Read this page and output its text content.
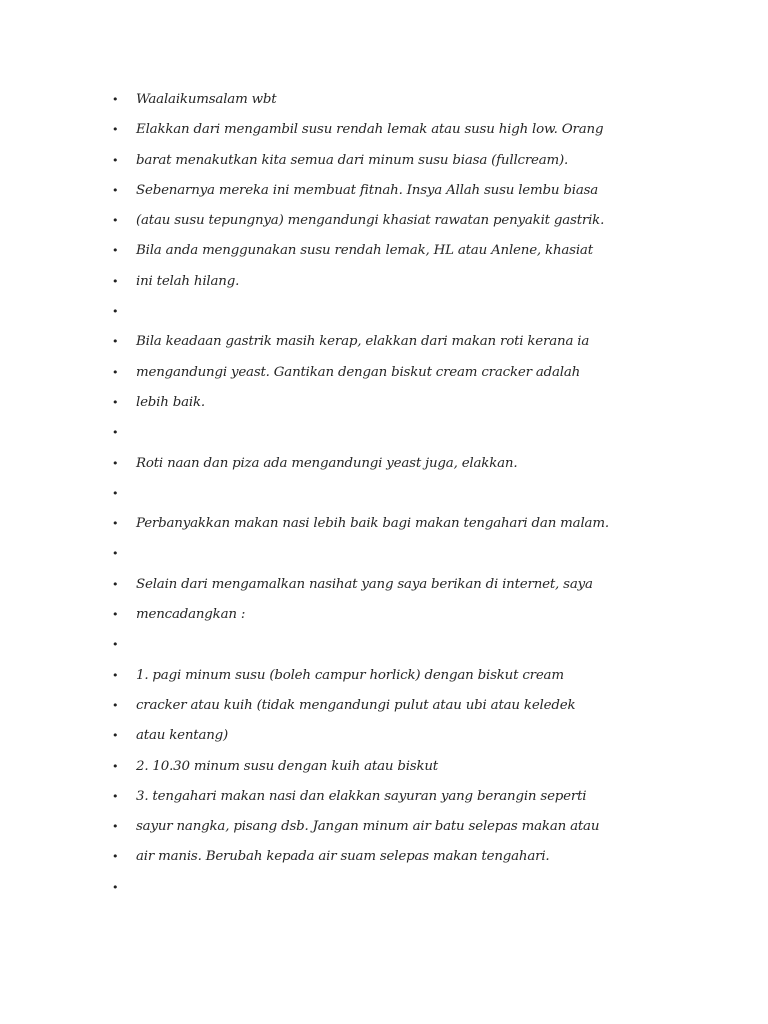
• Waalaikumsalam wbt
• Elakkan dari mengambil susu rendah lemak atau susu high low. Orang
• barat menakutkan kita semua dari minum susu biasa (fullcream).
• Sebenarnya mereka ini membuat fitnah. Insya Allah susu lembu biasa
• (atau susu tepungnya) mengandungi khasiat rawatan penyakit gastrik.
• Bila anda menggunakan susu rendah lemak, HL atau Anlene, khasiat
• ini telah hilang.
•
• Bila keadaan gastrik masih kerap, elakkan dari makan roti kerana ia
• mengandungi yeast. Gantikan dengan biskut cream cracker adalah
• lebih baik.
•
• Roti naan dan piza ada mengandungi yeast juga, elakkan.
•
• Perbanyakkan makan nasi lebih baik bagi makan tengahari dan malam.
•
• Selain dari mengamalkan nasihat yang saya berikan di internet, saya
• mencadangkan :
•
• 1. pagi minum susu (boleh campur horlick) dengan biskut cream
• cracker atau kuih (tidak mengandungi pulut atau ubi atau keledek
• atau kentang)
• 2. 10.30 minum susu dengan kuih atau biskut
• 3. tengahari makan nasi dan elakkan sayuran yang berangin seperti
• sayur nangka, pisang dsb. Jangan minum air batu selepas makan atau
• air manis. Berubah kepada air suam selepas makan tengahari.
•
